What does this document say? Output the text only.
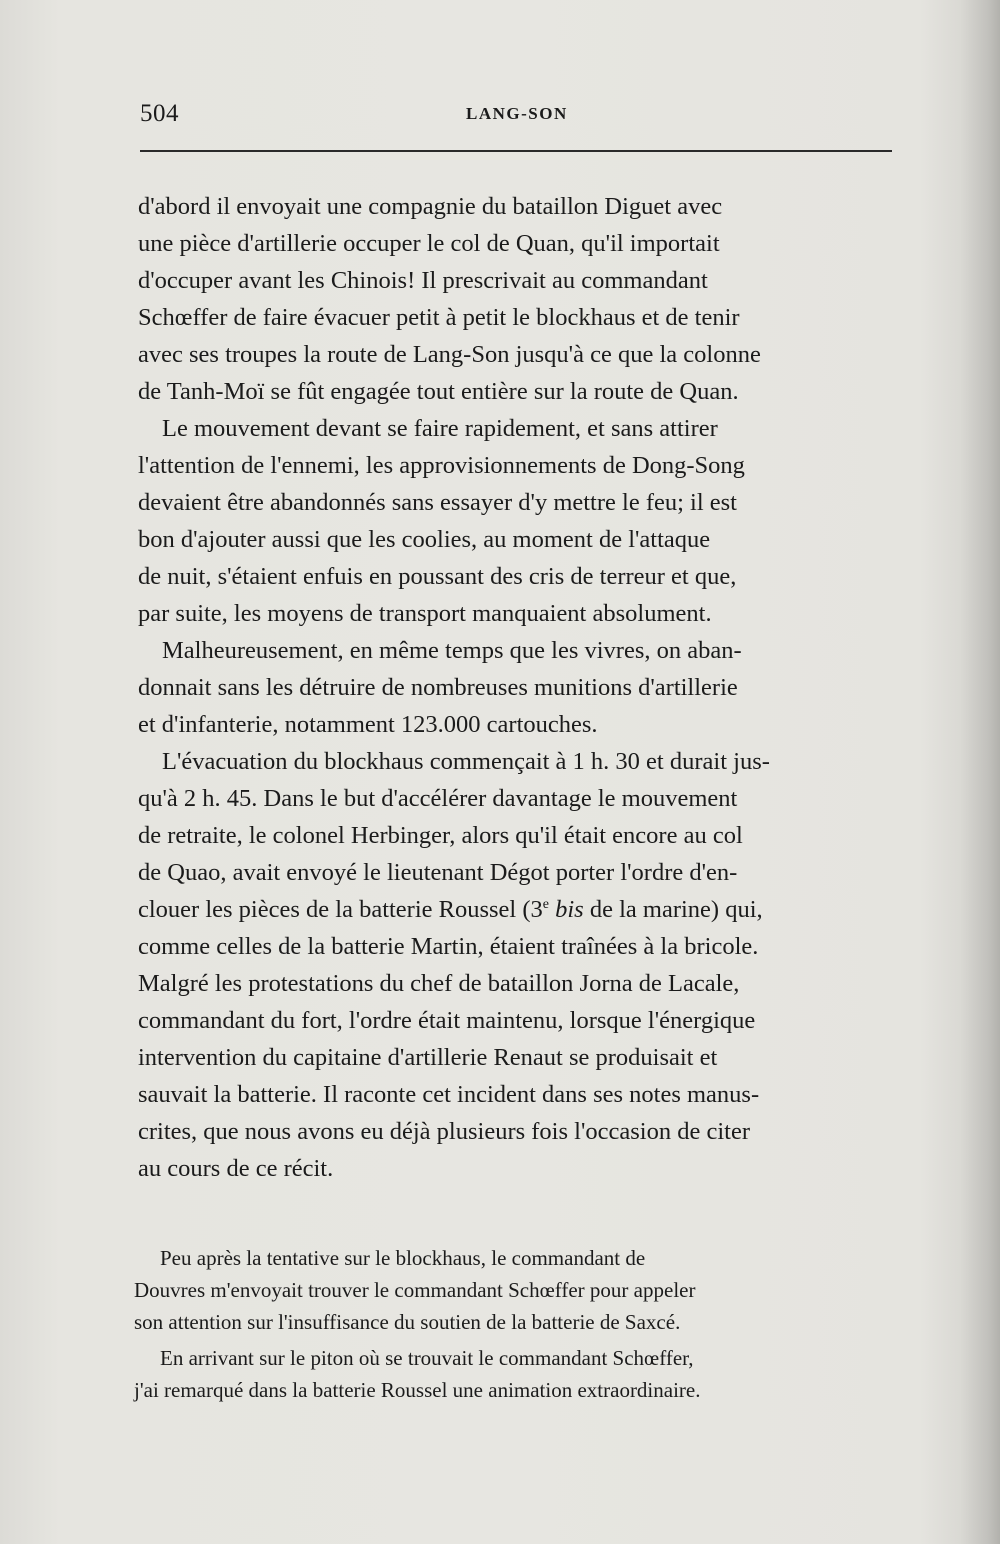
504	LANG-SON

d'abord il envoyait une compagnie du bataillon Diguet avec
une pièce d'artillerie occuper le col de Quan, qu'il importait
d'occuper avant les Chinois! Il prescrivait au commandant
Schœffer de faire évacuer petit à petit le blockhaus et de tenir
avec ses troupes la route de Lang-Son jusqu'à ce que la colonne
de Tanh-Moï se fût engagée tout entière sur la route de Quan.

Le mouvement devant se faire rapidement, et sans attirer
l'attention de l'ennemi, les approvisionnements de Dong-Song
devaient être abandonnés sans essayer d'y mettre le feu; il est
bon d'ajouter aussi que les coolies, au moment de l'attaque
de nuit, s'étaient enfuis en poussant des cris de terreur et que,
par suite, les moyens de transport manquaient absolument.

Malheureusement, en même temps que les vivres, on aban-
donnait sans les détruire de nombreuses munitions d'artillerie
et d'infanterie, notamment 123.000 cartouches.

L'évacuation du blockhaus commençait à 1 h. 30 et durait jus-
qu'à 2 h. 45. Dans le but d'accélérer davantage le mouvement
de retraite, le colonel Herbinger, alors qu'il était encore au col
de Quao, avait envoyé le lieutenant Dégot porter l'ordre d'en-
clouer les pièces de la batterie Roussel (3e bis de la marine) qui,
comme celles de la batterie Martin, étaient traînées à la bricole.
Malgré les protestations du chef de bataillon Jorna de Lacale,
commandant du fort, l'ordre était maintenu, lorsque l'énergique
intervention du capitaine d'artillerie Renaut se produisait et
sauvait la batterie. Il raconte cet incident dans ses notes manus-
crites, que nous avons eu déjà plusieurs fois l'occasion de citer
au cours de ce récit.

Peu après la tentative sur le blockhaus, le commandant de
Douvres m'envoyait trouver le commandant Schœffer pour appeler
son attention sur l'insuffisance du soutien de la batterie de Saxcé.

En arrivant sur le piton où se trouvait le commandant Schœffer,
j'ai remarqué dans la batterie Roussel une animation extraordinaire.
